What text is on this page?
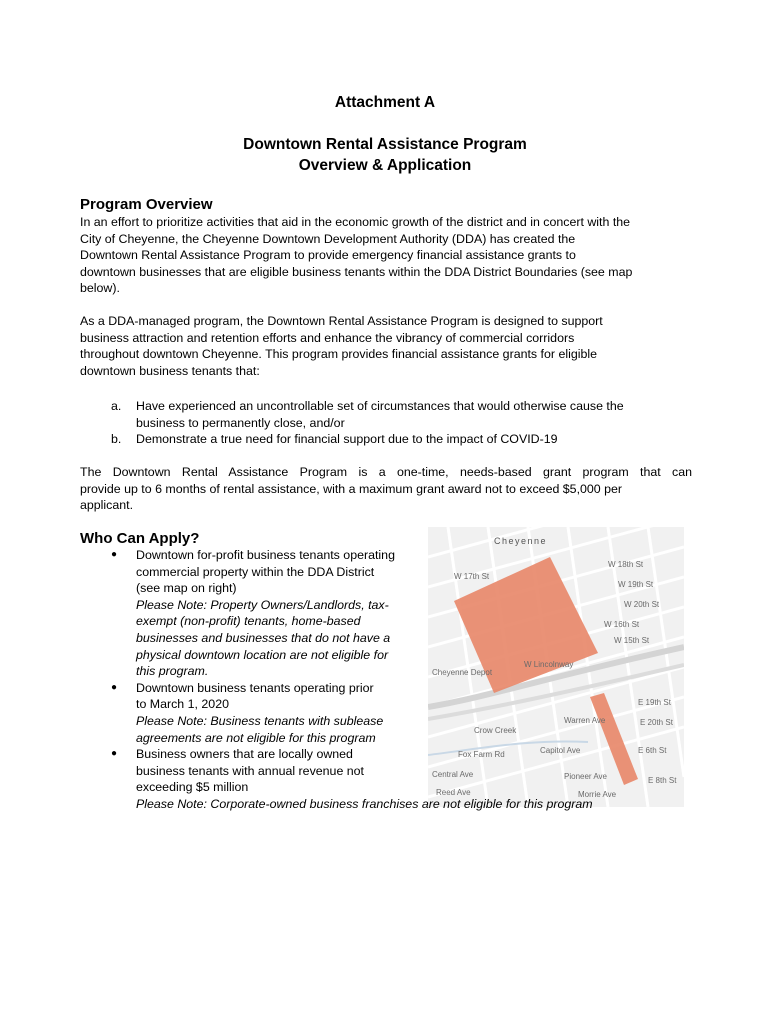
Attachment A
Downtown Rental Assistance Program
Overview & Application
Program Overview
In an effort to prioritize activities that aid in the economic growth of the district and in concert with the
City of Cheyenne, the Cheyenne Downtown Development Authority (DDA) has created the
Downtown Rental Assistance Program to provide emergency financial assistance grants to
downtown businesses that are eligible business tenants within the DDA District Boundaries (see map
below).
As a DDA-managed program, the Downtown Rental Assistance Program is designed to support
business attraction and retention efforts and enhance the vibrancy of commercial corridors
throughout downtown Cheyenne. This program provides financial assistance grants for eligible
downtown business tenants that:
a.	Have experienced an uncontrollable set of circumstances that would otherwise cause the
business to permanently close, and/or
b.	Demonstrate a true need for financial support due to the impact of COVID-19
The Downtown Rental Assistance Program is a one-time, needs-based grant program that can
provide up to 6 months of rental assistance, with a maximum grant award not to exceed $5,000 per
applicant.
Who Can Apply?
●	Downtown for-profit business tenants operating
commercial property within the DDA District
(see map on right)
Please Note: Property Owners/Landlords, tax-
exempt (non-profit) tenants, home-based
businesses and businesses that do not have a
physical downtown location are not eligible for
this program.
●	Downtown business tenants operating prior
to March 1, 2020
Please Note: Business tenants with sublease
agreements are not eligible for this program
●	Business owners that are locally owned
business tenants with annual revenue not
exceeding $5 million
Please Note: Corporate-owned business franchises are not eligible for this program
Cheyenne
W 17th St
W 18th St
W 19th St
W 20th St
W 16th St
W 15th St
W Lincolnway
Cheyenne Depot
Crow Creek
E 19th St
E 20th St
Warren Ave
Capitol Ave
Central Ave
E 6th St
Fox Farm Rd
Pioneer Ave
Reed Ave	Morrie Ave
E 8th St
